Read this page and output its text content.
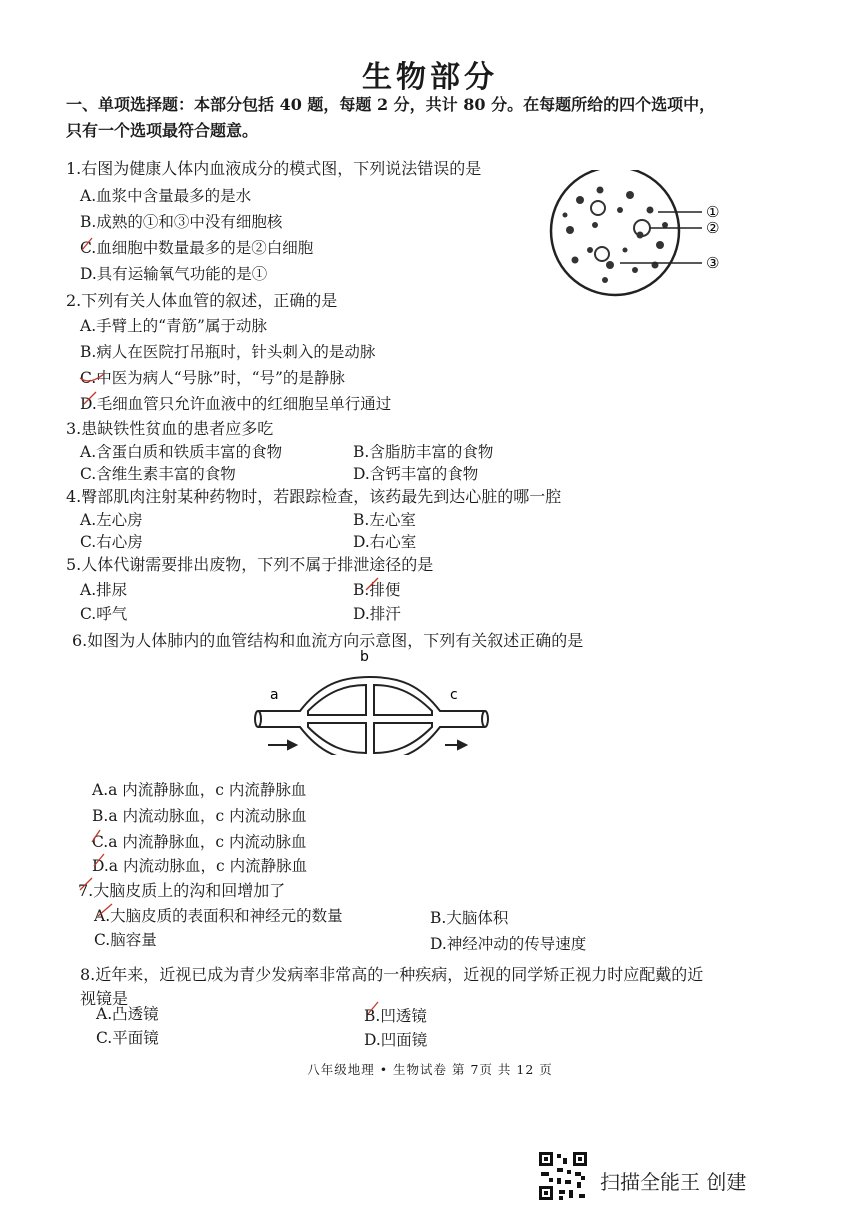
生物部分
一、单项选择题：本部分包括 40 题，每题 2 分，共计 80 分。在每题所给的四个选项中，
只有一个选项最符合题意。
1.右图为健康人体内血液成分的模式图，下列说法错误的是
A.血浆中含量最多的是水
B.成熟的①和③中没有细胞核
C.血细胞中数量最多的是②白细胞
D.具有运输氧气功能的是①
①
②
③
2.下列有关人体血管的叙述，正确的是
A.手臂上的“青筋”属于动脉
B.病人在医院打吊瓶时，针头刺入的是动脉
C.中医为病人“号脉”时，“号”的是静脉
D.毛细血管只允许血液中的红细胞呈单行通过
3.患缺铁性贫血的患者应多吃
A.含蛋白质和铁质丰富的食物	B.含脂肪丰富的食物
C.含维生素丰富的食物	D.含钙丰富的食物
4.臀部肌肉注射某种药物时，若跟踪检查，该药最先到达心脏的哪一腔
A.左心房	B.左心室
C.右心房	D.右心室
5.人体代谢需要排出废物，下列不属于排泄途径的是
A.排尿	B.排便
C.呼气	D.排汗
6.如图为人体肺内的血管结构和血流方向示意图，下列有关叙述正确的是
b
a	c
A.a 内流静脉血，c 内流静脉血
B.a 内流动脉血，c 内流动脉血
C.a 内流静脉血，c 内流动脉血
D.a 内流动脉血，c 内流静脉血
7.大脑皮质上的沟和回增加了
A.大脑皮质的表面积和神经元的数量	B.大脑体积
C.脑容量	D.神经冲动的传导速度
8.近年来，近视已成为青少发病率非常高的一种疾病，近视的同学矫正视力时应配戴的近
视镜是
A.凸透镜	B.凹透镜
C.平面镜	D.凹面镜
八年级地理 • 生物试卷 第 7页 共 12 页
扫描全能王 创建
